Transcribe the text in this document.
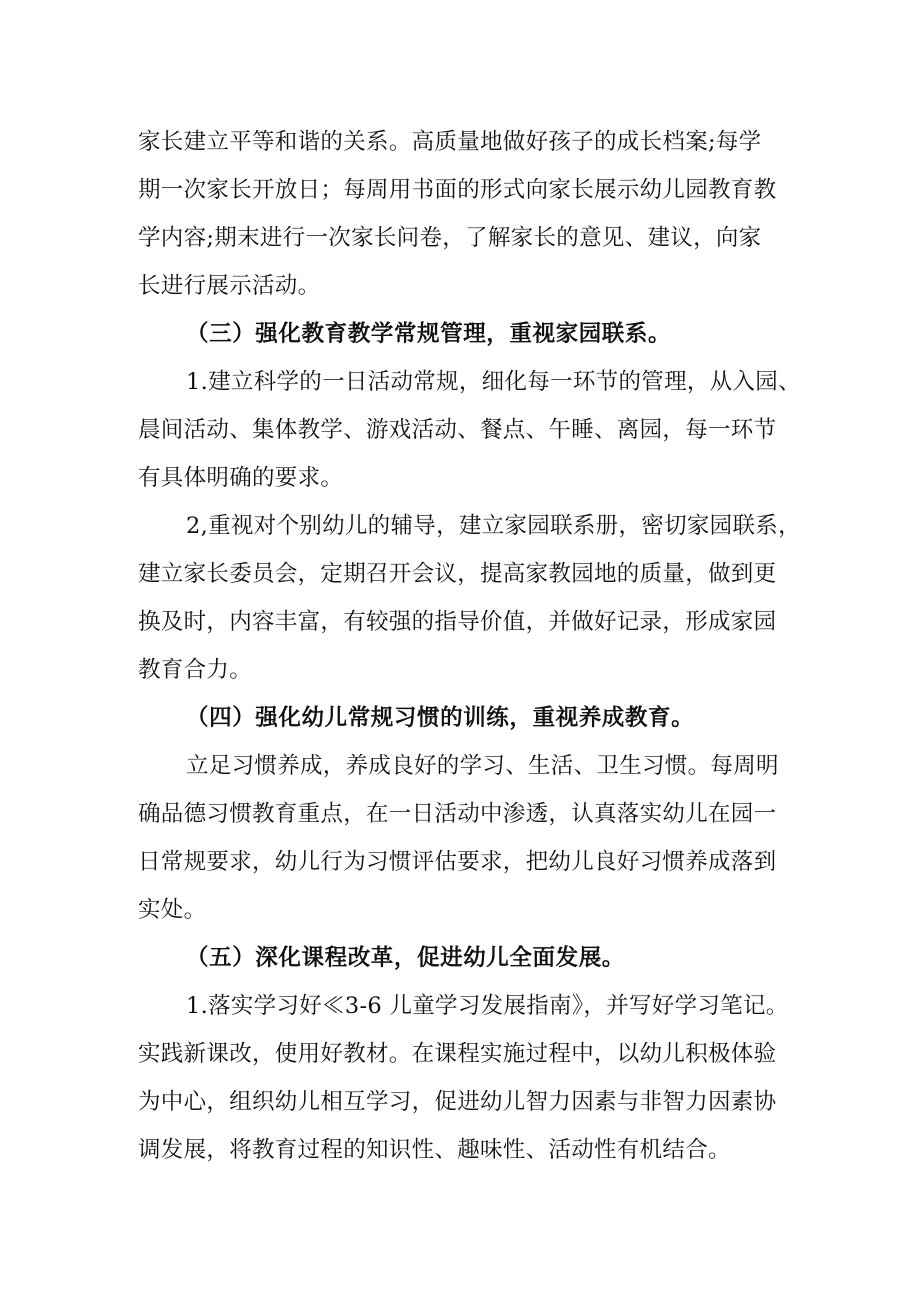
家长建立平等和谐的关系。高质量地做好孩子的成长档案;每学
期一次家长开放日；每周用书面的形式向家长展示幼儿园教育教
学内容;期末进行一次家长问卷，了解家长的意见、建议，向家
长进行展示活动。
（三）强化教育教学常规管理，重视家园联系。
1.建立科学的一日活动常规，细化每一环节的管理，从入园、
晨间活动、集体教学、游戏活动、餐点、午睡、离园，每一环节
有具体明确的要求。
2,重视对个别幼儿的辅导，建立家园联系册，密切家园联系，
建立家长委员会，定期召开会议，提高家教园地的质量，做到更
换及时，内容丰富，有较强的指导价值，并做好记录，形成家园
教育合力。
（四）强化幼儿常规习惯的训练，重视养成教育。
立足习惯养成，养成良好的学习、生活、卫生习惯。每周明
确品德习惯教育重点，在一日活动中渗透，认真落实幼儿在园一
日常规要求，幼儿行为习惯评估要求，把幼儿良好习惯养成落到
实处。
（五）深化课程改革，促进幼儿全面发展。
1.落实学习好≪3-6 儿童学习发展指南》，并写好学习笔记。
实践新课改，使用好教材。在课程实施过程中，以幼儿积极体验
为中心，组织幼儿相互学习，促进幼儿智力因素与非智力因素协
调发展，将教育过程的知识性、趣味性、活动性有机结合。
